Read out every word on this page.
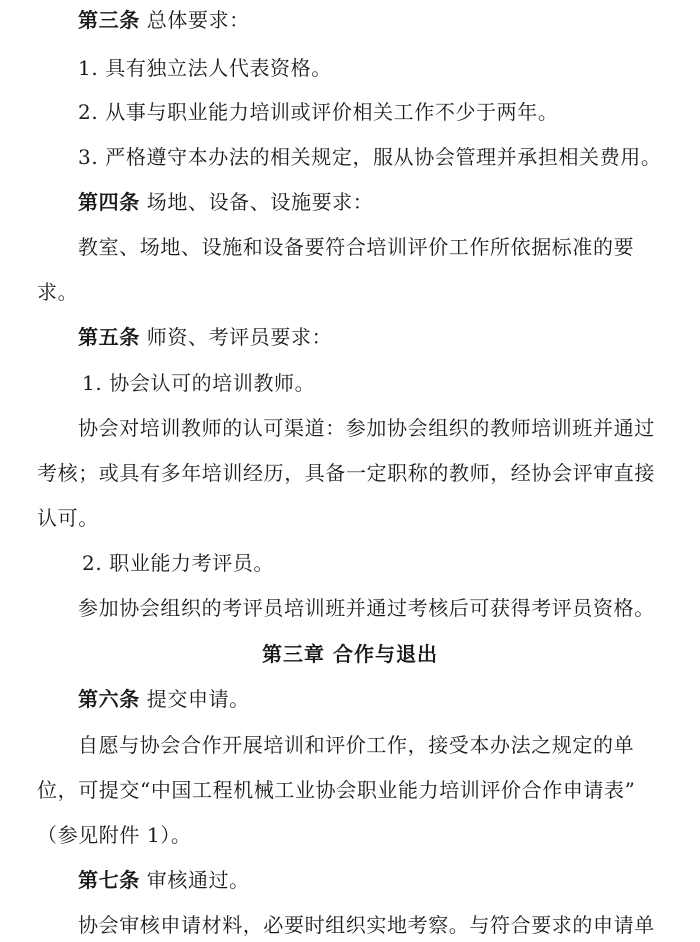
第三条 总体要求：
1. 具有独立法人代表资格。
2. 从事与职业能力培训或评价相关工作不少于两年。
3. 严格遵守本办法的相关规定，服从协会管理并承担相关费用。
第四条 场地、设备、设施要求：
教室、场地、设施和设备要符合培训评价工作所依据标准的要
求。
第五条 师资、考评员要求：
1. 协会认可的培训教师。
协会对培训教师的认可渠道：参加协会组织的教师培训班并通过
考核；或具有多年培训经历，具备一定职称的教师，经协会评审直接
认可。
2. 职业能力考评员。
参加协会组织的考评员培训班并通过考核后可获得考评员资格。
第三章 合作与退出
第六条 提交申请。
自愿与协会合作开展培训和评价工作，接受本办法之规定的单
位，可提交“中国工程机械工业协会职业能力培训评价合作申请表”
（参见附件 1）。
第七条 审核通过。
协会审核申请材料，必要时组织实地考察。与符合要求的申请单
